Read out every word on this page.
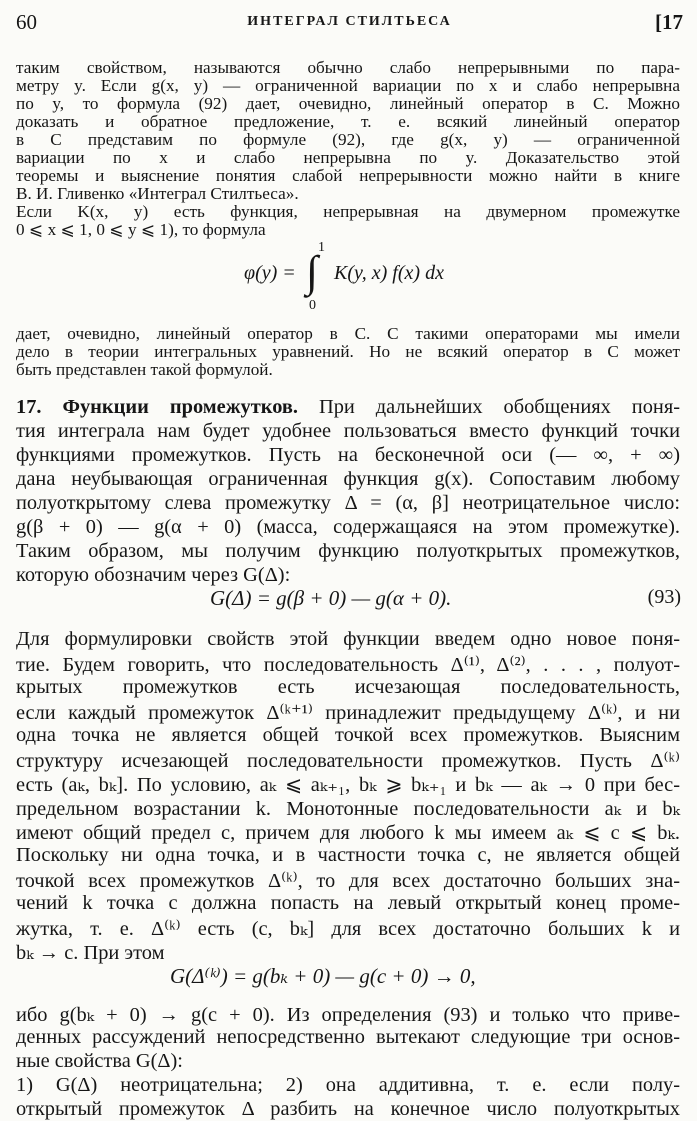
60	ИНТЕГРАЛ СТИЛТЬЕСА	[17
таким свойством, называются обычно слабо непрерывными по пара-
метру y. Если g(x, y) — ограниченной вариации по x и слабо непрерывна
по y, то формула (92) дает, очевидно, линейный оператор в C. Можно
доказать и обратное предложение, т. е. всякий линейный оператор
в C представим по формуле (92), где g(x, y) — ограниченной
вариации по x и слабо непрерывна по y. Доказательство этой
теоремы и выяснение понятия слабой непрерывности можно найти в книге
В. И. Гливенко «Интеграл Стилтьеса».
Если K(x, y) есть функция, непрерывная на двумерном промежутке
0 ⩽ x ⩽ 1, 0 ⩽ y ⩽ 1), то формула
дает, очевидно, линейный оператор в C. С такими операторами мы имели
дело в теории интегральных уравнений. Но не всякий оператор в C может
быть представлен такой формулой.
17. Функции промежутков. При дальнейших обобщениях поня-
тия интеграла нам будет удобнее пользоваться вместо функций точки
функциями промежутков. Пусть на бесконечной оси (— ∞, + ∞)
дана неубывающая ограниченная функция g(x). Сопоставим любому
полуоткрытому слева промежутку Δ = (α, β] неотрицательное число:
g(β + 0) — g(α + 0) (масса, содержащаяся на этом промежутке).
Таким образом, мы получим функцию полуоткрытых промежутков,
которую обозначим через G(Δ):
Для формулировки свойств этой функции введем одно новое поня-
тие. Будем говорить, что последовательность Δ⁽¹⁾, Δ⁽²⁾, . . . , полуот-
крытых промежутков есть исчезающая последовательность,
если каждый промежуток Δ⁽ᵏ⁺¹⁾ принадлежит предыдущему Δ⁽ᵏ⁾, и ни
одна точка не является общей точкой всех промежутков. Выясним
структуру исчезающей последовательности промежутков. Пусть Δ⁽ᵏ⁾
есть (aₖ, bₖ]. По условию, aₖ ⩽ aₖ₊₁, bₖ ⩾ bₖ₊₁ и bₖ — aₖ → 0 при бес-
предельном возрастании k. Монотонные последовательности aₖ и bₖ
имеют общий предел c, причем для любого k мы имеем aₖ ⩽ c ⩽ bₖ.
Поскольку ни одна точка, и в частности точка c, не является общей
точкой всех промежутков Δ⁽ᵏ⁾, то для всех достаточно больших зна-
чений k точка c должна попасть на левый открытый конец проме-
жутка, т. е. Δ⁽ᵏ⁾ есть (c, bₖ] для всех достаточно больших k и
bₖ → c. При этом
ибо g(bₖ + 0) → g(c + 0). Из определения (93) и только что приве-
денных рассуждений непосредственно вытекают следующие три основ-
ные свойства G(Δ):
1) G(Δ) неотрицательна; 2) она аддитивна, т. е. если полу-
открытый промежуток Δ разбить на конечное число полуоткрытых
φ(y) =
1
∫
0
K(y, x) f(x) dx
G(Δ) = g(β + 0) — g(α + 0).	(93)
G(Δ⁽ᵏ⁾) = g(bₖ + 0) — g(c + 0) → 0,
